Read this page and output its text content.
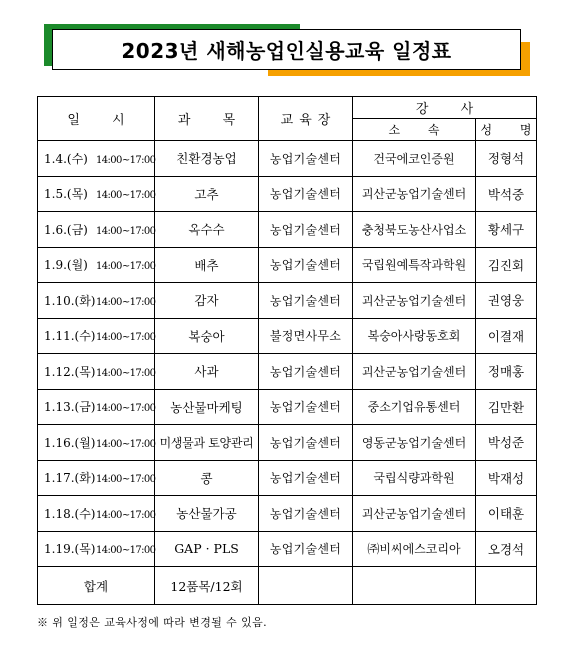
2023년 새해농업인실용교육 일정표
일 시	과 목	교육장	강 사	
			소 속	성 명
1.4.(수) 14:00~17:00	친환경농업	농업기술센터	건국에코인증원	정형석
1.5.(목) 14:00~17:00	고추	농업기술센터	괴산군농업기술센터	박석중
1.6.(금) 14:00~17:00	옥수수	농업기술센터	충청북도농산사업소	황세구
1.9.(월) 14:00~17:00	배추	농업기술센터	국립원예특작과학원	김진회
1.10.(화)14:00~17:00	감자	농업기술센터	괴산군농업기술센터	권영웅
1.11.(수)14:00~17:00	복숭아	불정면사무소	복숭아사랑동호회	이결재
1.12.(목)14:00~17:00	사과	농업기술센터	괴산군농업기술센터	정매홍
1.13.(금)14:00~17:00	농산물마케팅	농업기술센터	중소기업유통센터	김만환
1.16.(월)14:00~17:00	미생물과 토양관리	농업기술센터	영동군농업기술센터	박성준
1.17.(화)14:00~17:00	콩	농업기술센터	국립식량과학원	박재성
1.18.(수)14:00~17:00	농산물가공	농업기술센터	괴산군농업기술센터	이태훈
1.19.(목)14:00~17:00	GAP · PLS	농업기술센터	㈜비씨에스코리아	오경석
합계	12품목/12회			
※ 위 일정은 교육사정에 따라 변경될 수 있음.
